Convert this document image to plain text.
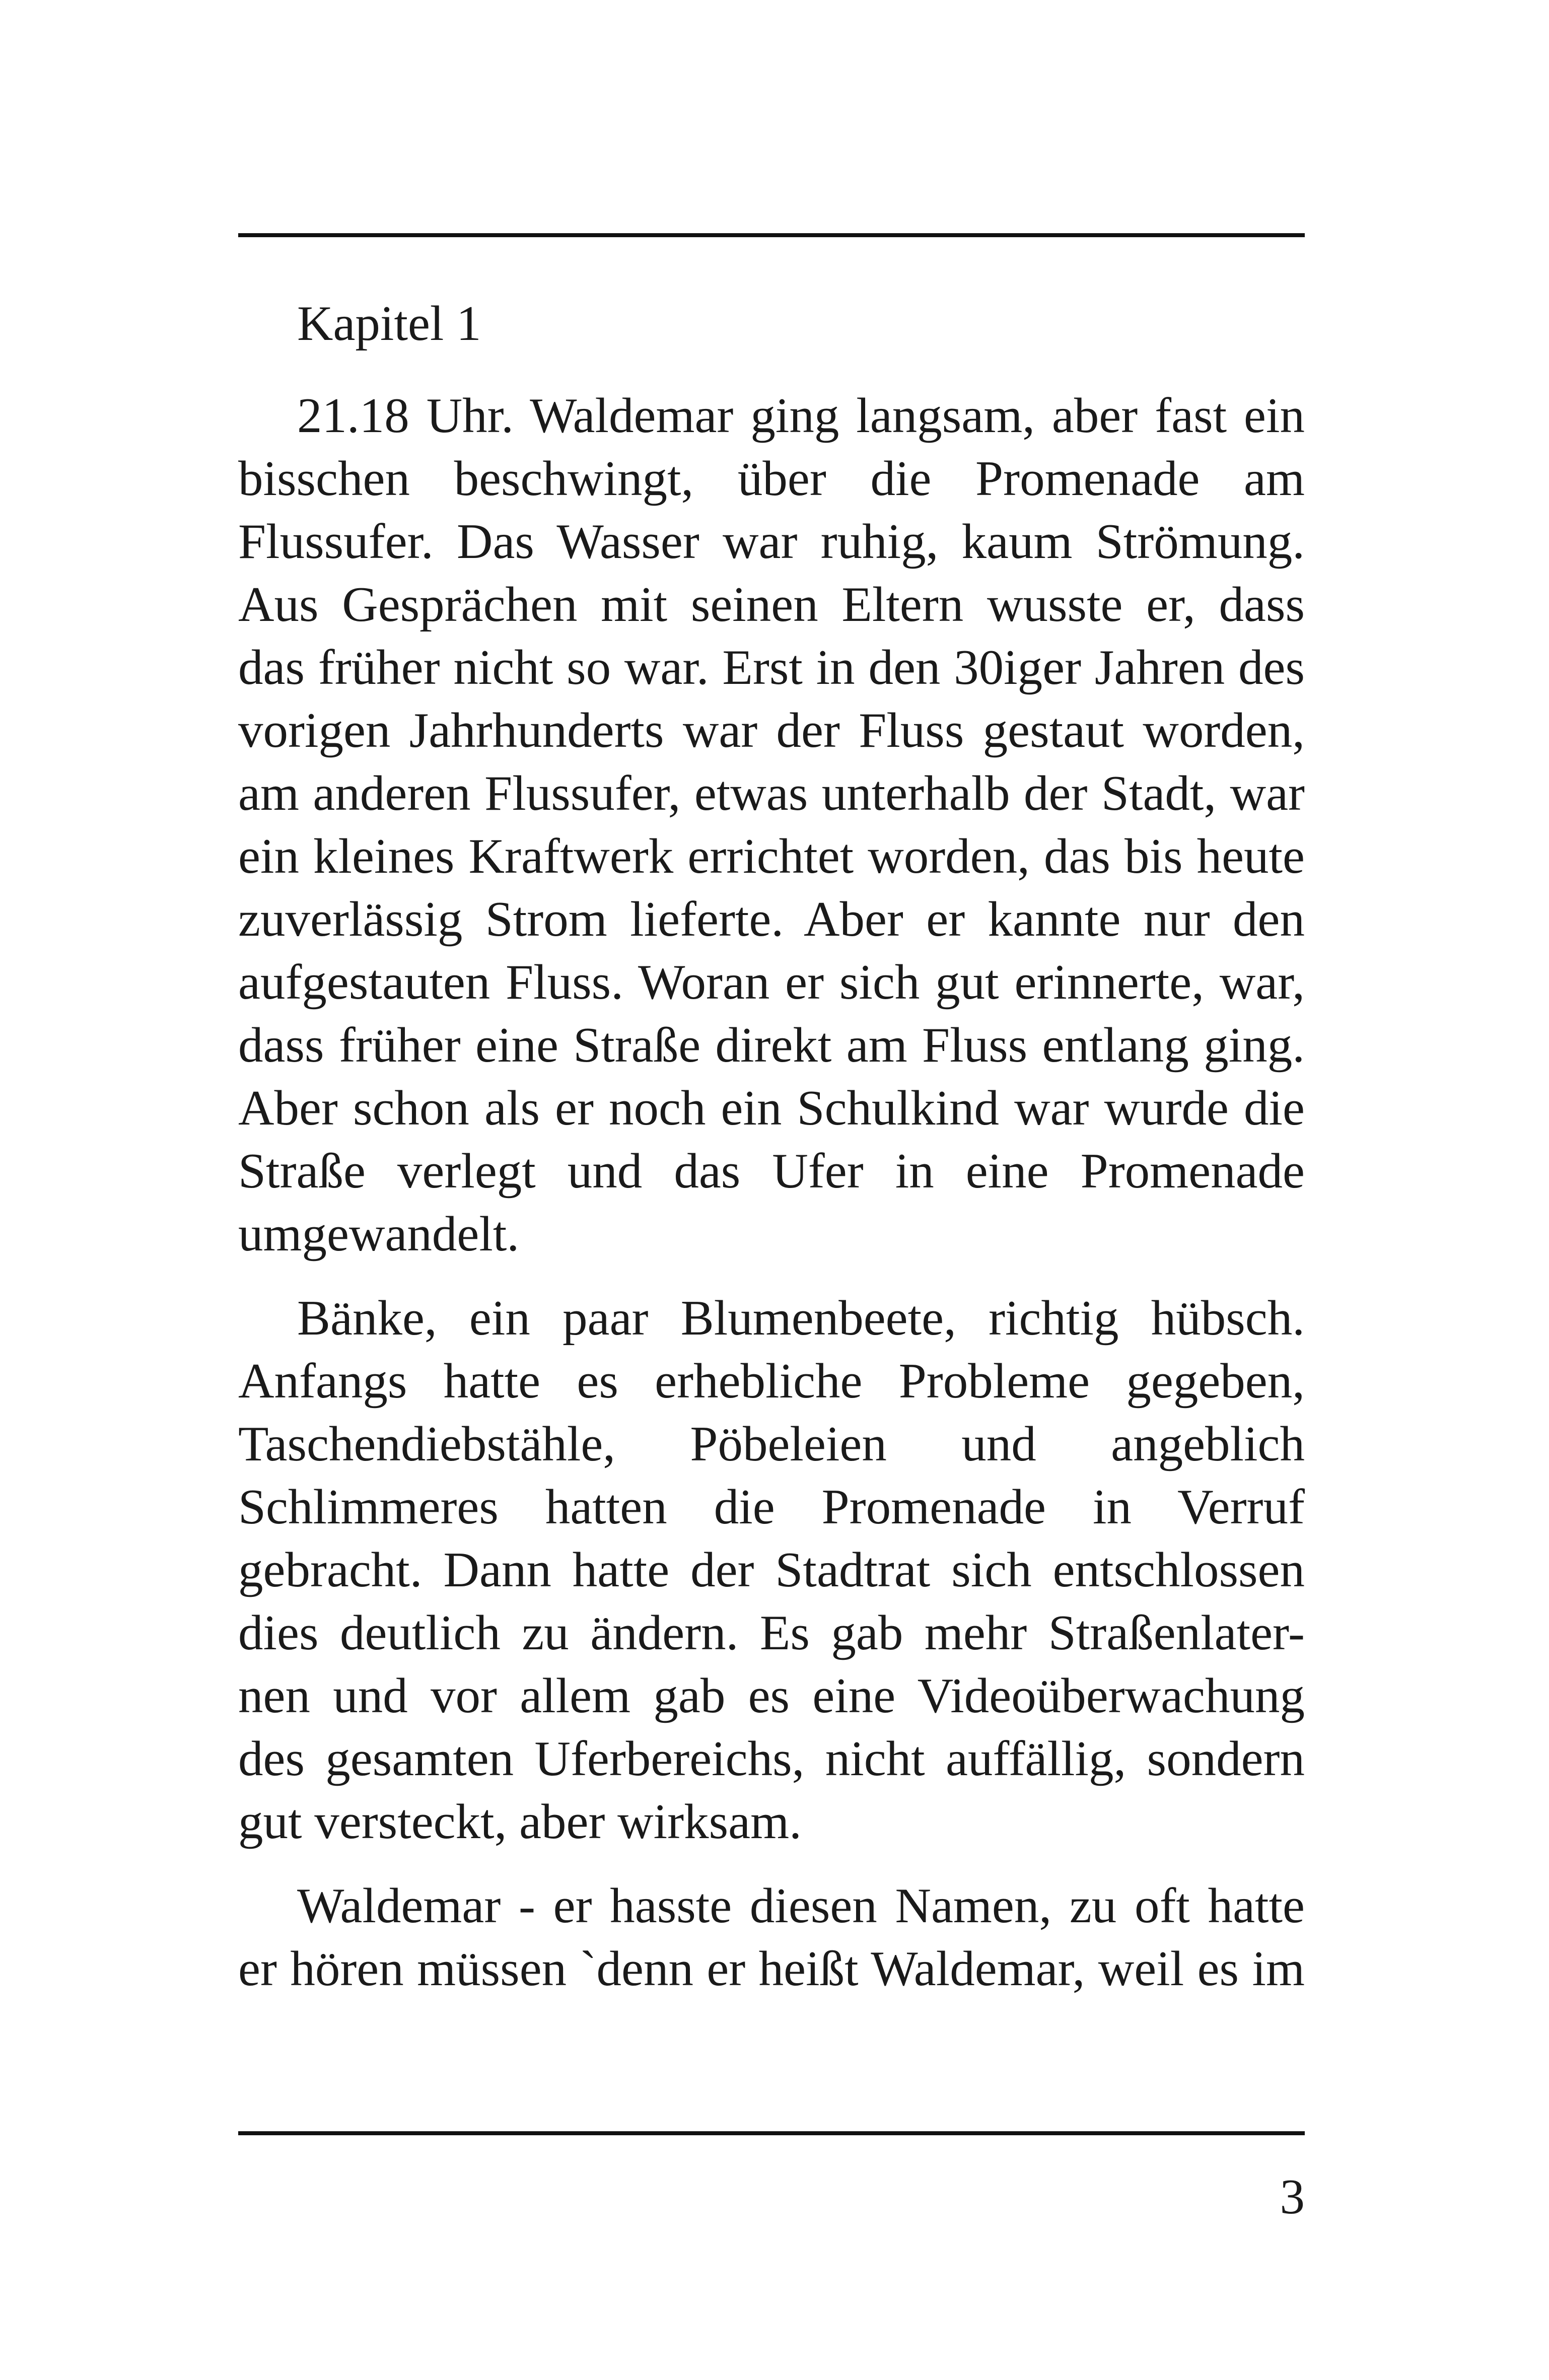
Kapitel 1

21.18 Uhr. Waldemar ging langsam, aber fast ein
bisschen beschwingt, über die Promenade am
Flussufer. Das Wasser war ruhig, kaum Strömung.
Aus Gesprächen mit seinen Eltern wusste er, dass
das früher nicht so war. Erst in den 30iger Jahren des
vorigen Jahrhunderts war der Fluss gestaut worden,
am anderen Flussufer, etwas unterhalb der Stadt, war
ein kleines Kraftwerk errichtet worden, das bis heute
zuverlässig Strom lieferte. Aber er kannte nur den
aufgestauten Fluss. Woran er sich gut erinnerte, war,
dass früher eine Straße direkt am Fluss entlang ging.
Aber schon als er noch ein Schulkind war wurde die
Straße verlegt und das Ufer in eine Promenade
umgewandelt.

Bänke, ein paar Blumenbeete, richtig hübsch.
Anfangs hatte es erhebliche Probleme gegeben,
Taschendiebstähle, Pöbeleien und angeblich
Schlimmeres hatten die Promenade in Verruf
gebracht. Dann hatte der Stadtrat sich entschlossen
dies deutlich zu ändern. Es gab mehr Straßenlater-
nen und vor allem gab es eine Videoüberwachung
des gesamten Uferbereichs, nicht auffällig, sondern
gut versteckt, aber wirksam.

Waldemar - er hasste diesen Namen, zu oft hatte
er hören müssen `denn er heißt Waldemar, weil es im

3
